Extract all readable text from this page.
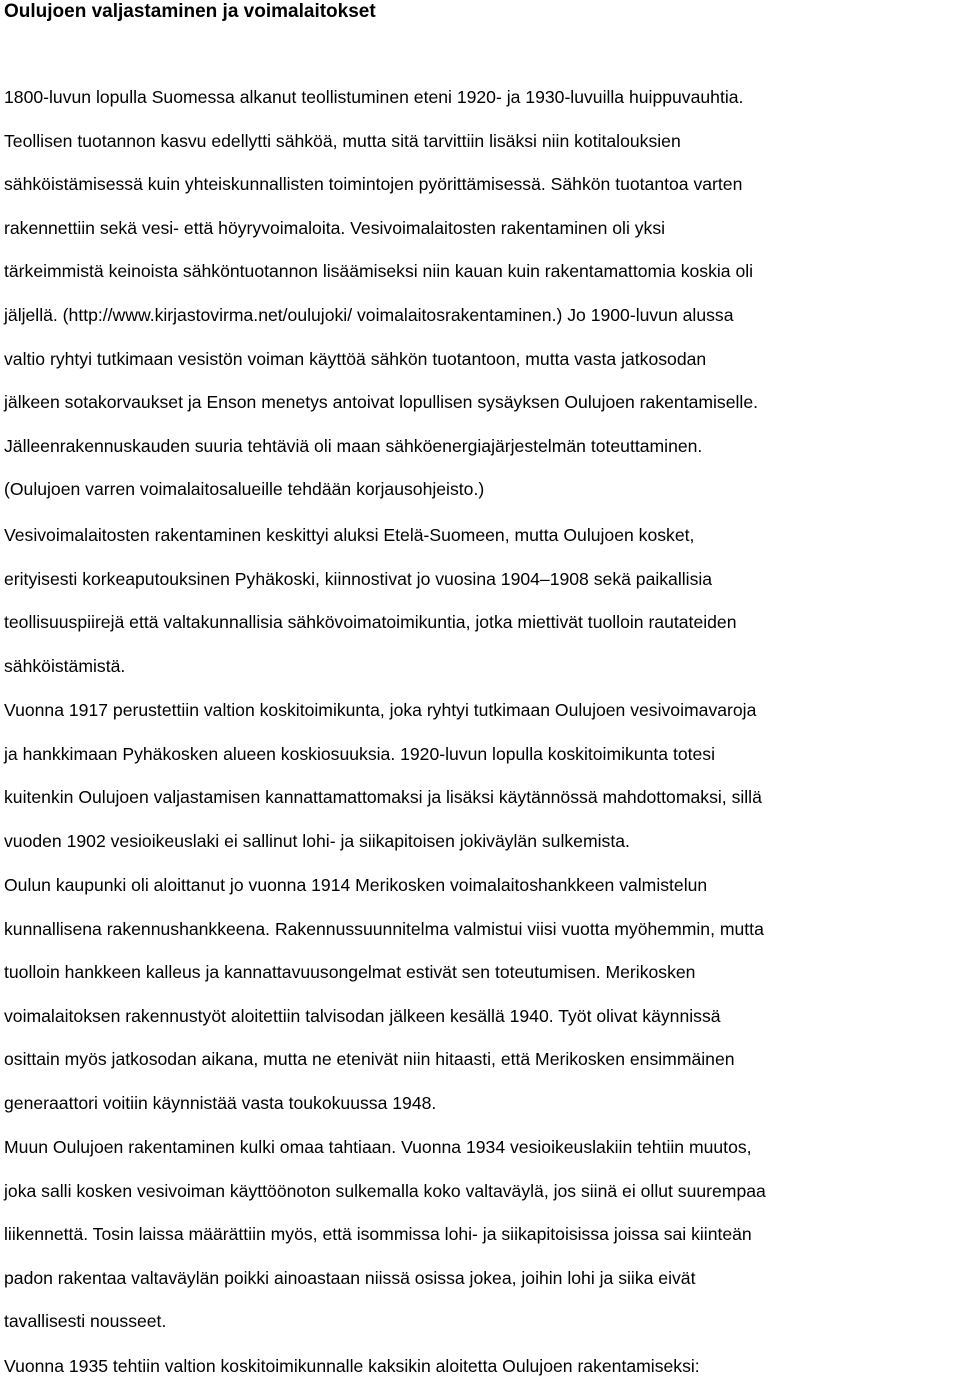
Oulujoen valjastaminen ja voimalaitokset
1800-luvun lopulla Suomessa alkanut teollistuminen eteni 1920- ja 1930-luvuilla huippuvauhtia.
Teollisen tuotannon kasvu edellytti sähköä, mutta sitä tarvittiin lisäksi niin kotitalouksien
sähköistämisessä kuin yhteiskunnallisten toimintojen pyörittämisessä. Sähkön tuotantoa varten
rakennettiin sekä vesi- että höyryvoimaloita. Vesivoimalaitosten rakentaminen oli yksi
tärkeimmistä keinoista sähköntuotannon lisäämiseksi niin kauan kuin rakentamattomia koskia oli
jäljellä. (http://www.kirjastovirma.net/oulujoki/ voimalaitosrakentaminen.) Jo 1900-luvun alussa
valtio ryhtyi tutkimaan vesistön voiman käyttöä sähkön tuotantoon, mutta vasta jatkosodan
jälkeen sotakorvaukset ja Enson menetys antoivat lopullisen sysäyksen Oulujoen rakentamiselle.
Jälleenrakennuskauden suuria tehtäviä oli maan sähköenergiajärjestelmän toteuttaminen.
(Oulujoen varren voimalaitosalueille tehdään korjausohjeisto.)
Vesivoimalaitosten rakentaminen keskittyi aluksi Etelä-Suomeen, mutta Oulujoen kosket,
erityisesti korkeaputouksinen Pyhäkoski, kiinnostivat jo vuosina 1904–1908 sekä paikallisia
teollisuuspiirejä että valtakunnallisia sähkövoimatoimikuntia, jotka miettivät tuolloin rautateiden
sähköistämistä.
Vuonna 1917 perustettiin valtion koskitoimikunta, joka ryhtyi tutkimaan Oulujoen vesivoimavaroja
ja hankkimaan Pyhäkosken alueen koskiosuuksia. 1920-luvun lopulla koskitoimikunta totesi
kuitenkin Oulujoen valjastamisen kannattamattomaksi ja lisäksi käytännössä mahdottomaksi, sillä
vuoden 1902 vesioikeuslaki ei sallinut lohi- ja siikapitoisen jokiväylän sulkemista.
Oulun kaupunki oli aloittanut jo vuonna 1914 Merikosken voimalaitoshankkeen valmistelun
kunnallisena rakennushankkeena. Rakennussuunnitelma valmistui viisi vuotta myöhemmin, mutta
tuolloin hankkeen kalleus ja kannattavuusongelmat estivät sen toteutumisen. Merikosken
voimalaitoksen rakennustyöt aloitettiin talvisodan jälkeen kesällä 1940. Työt olivat käynnissä
osittain myös jatkosodan aikana, mutta ne etenivät niin hitaasti, että Merikosken ensimmäinen
generaattori voitiin käynnistää vasta toukokuussa 1948.
Muun Oulujoen rakentaminen kulki omaa tahtiaan. Vuonna 1934 vesioikeuslakiin tehtiin muutos,
joka salli kosken vesivoiman käyttöönoton sulkemalla koko valtaväylä, jos siinä ei ollut suurempaa
liikennettä. Tosin laissa määrättiin myös, että isommissa lohi- ja siikapitoisissa joissa sai kiinteän
padon rakentaa valtaväylän poikki ainoastaan niissä osissa jokea, joihin lohi ja siika eivät
tavallisesti nousseet.
Vuonna 1935 tehtiin valtion koskitoimikunnalle kaksikin aloitetta Oulujoen rakentamiseksi:
